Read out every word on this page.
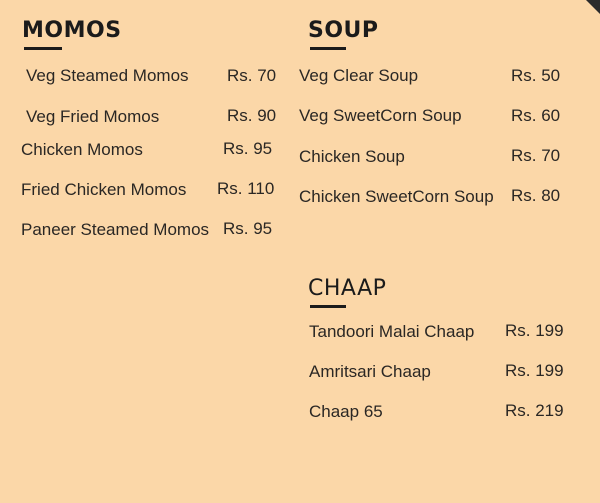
MOMOS
Veg Steamed Momos Rs. 70
Veg Fried Momos	Rs. 90
Chicken Momos	Rs. 95
Fried Chicken Momos Rs. 110
Paneer Steamed Momos Rs. 95
SOUP
Veg Clear Soup	Rs. 50
Veg SweetCorn Soup	Rs. 60
Chicken Soup	Rs. 70
Chicken SweetCorn Soup Rs. 80
CHAAP
Tandoori Malai Chaap Rs. 199
Amritsari Chaap	Rs. 199
Chaap 65	Rs. 219
